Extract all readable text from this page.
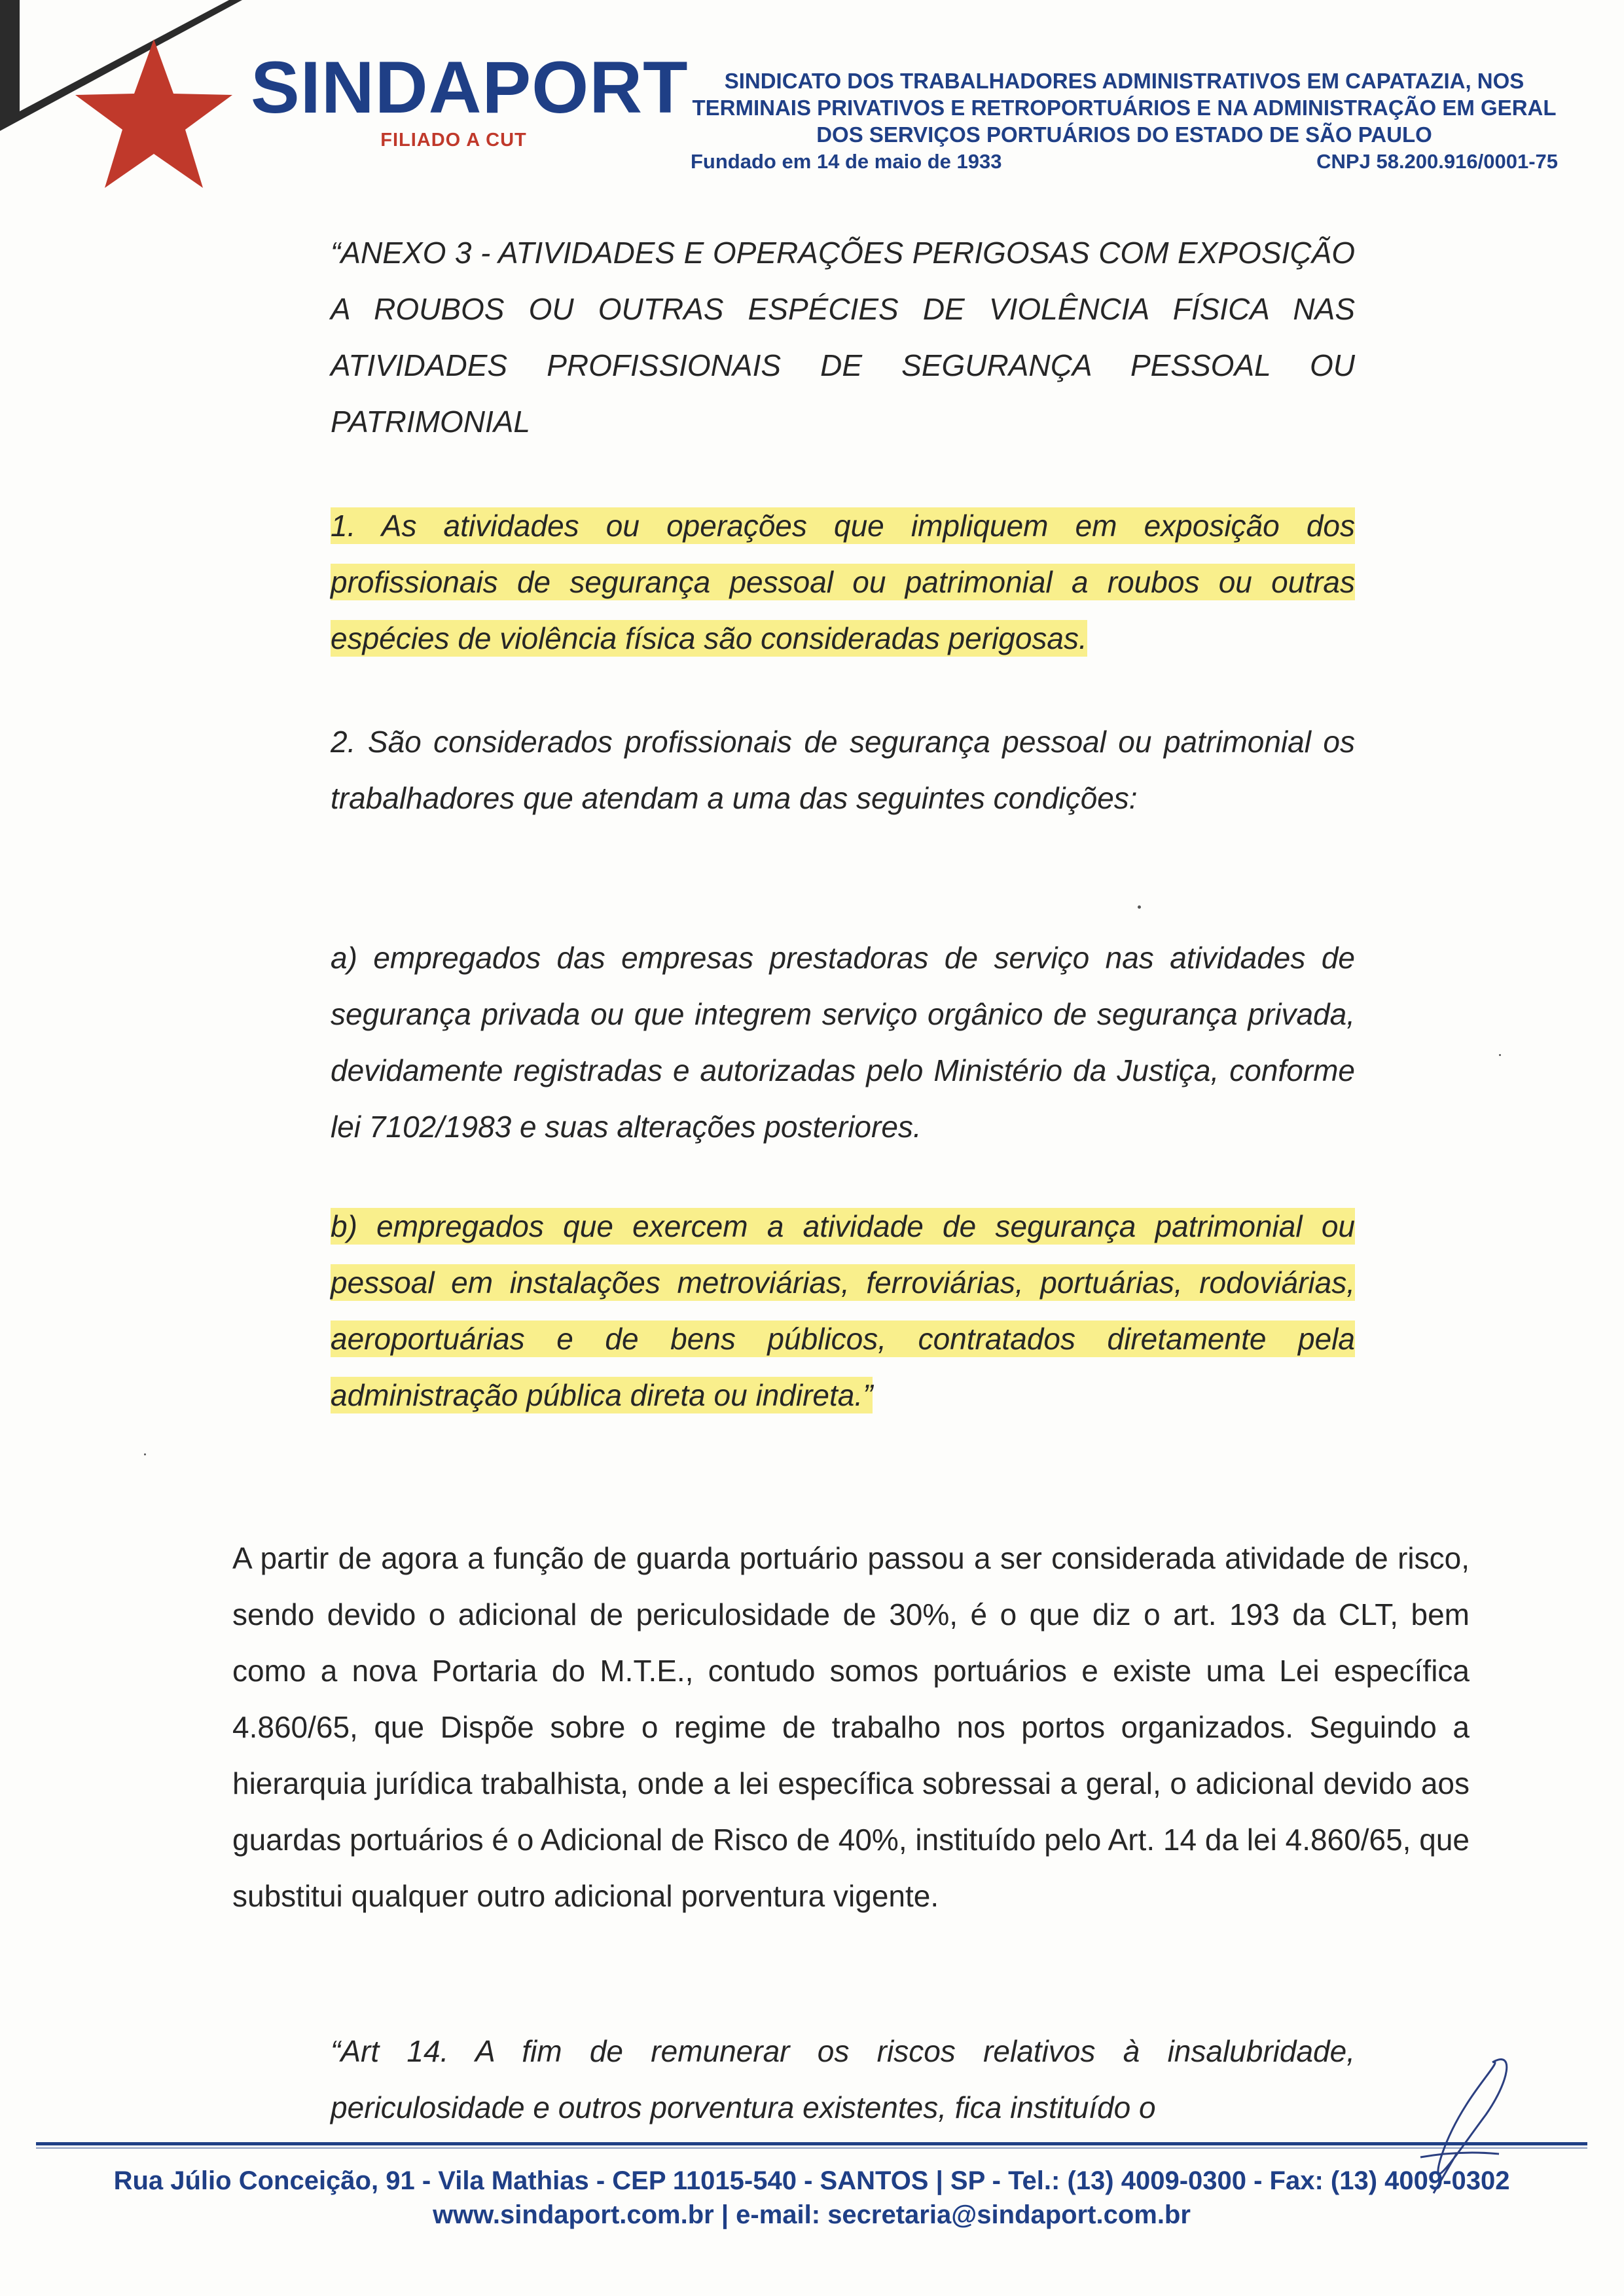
SINDAPORT
FILIADO A CUT
SINDICATO DOS TRABALHADORES ADMINISTRATIVOS EM CAPATAZIA, NOS TERMINAIS PRIVATIVOS E RETROPORTUÁRIOS E NA ADMINISTRAÇÃO EM GERAL DOS SERVIÇOS PORTUÁRIOS DO ESTADO DE SÃO PAULO
Fundado em 14 de maio de 1933	CNPJ 58.200.916/0001-75
“ANEXO 3 - ATIVIDADES E OPERAÇÕES PERIGOSAS COM EXPOSIÇÃO A ROUBOS OU OUTRAS ESPÉCIES DE VIOLÊNCIA FÍSICA NAS ATIVIDADES PROFISSIONAIS DE SEGURANÇA PESSOAL OU PATRIMONIAL
1. As atividades ou operações que impliquem em exposição dos profissionais de segurança pessoal ou patrimonial a roubos ou outras espécies de violência física são consideradas perigosas.
2. São considerados profissionais de segurança pessoal ou patrimonial os trabalhadores que atendam a uma das seguintes condições:
a) empregados das empresas prestadoras de serviço nas atividades de segurança privada ou que integrem serviço orgânico de segurança privada, devidamente registradas e autorizadas pelo Ministério da Justiça, conforme lei 7102/1983 e suas alterações posteriores.
b) empregados que exercem a atividade de segurança patrimonial ou pessoal em instalações metroviárias, ferroviárias, portuárias, rodoviárias, aeroportuárias e de bens públicos, contratados diretamente pela administração pública direta ou indireta.”
A partir de agora a função de guarda portuário passou a ser considerada atividade de risco, sendo devido o adicional de periculosidade de 30%, é o que diz o art. 193 da CLT, bem como a nova Portaria do M.T.E., contudo somos portuários e existe uma Lei específica 4.860/65, que Dispõe sobre o regime de trabalho nos portos organizados. Seguindo a hierarquia jurídica trabalhista, onde a lei específica sobressai a geral, o adicional devido aos guardas portuários é o Adicional de Risco de 40%, instituído pelo Art. 14 da lei 4.860/65, que substitui qualquer outro adicional porventura vigente.
“Art 14. A fim de remunerar os riscos relativos à insalubridade, periculosidade e outros porventura existentes, fica instituído o
Rua Júlio Conceição, 91 - Vila Mathias - CEP 11015-540 - SANTOS | SP - Tel.: (13) 4009-0300 - Fax: (13) 4009-0302
www.sindaport.com.br | e-mail: secretaria@sindaport.com.br
